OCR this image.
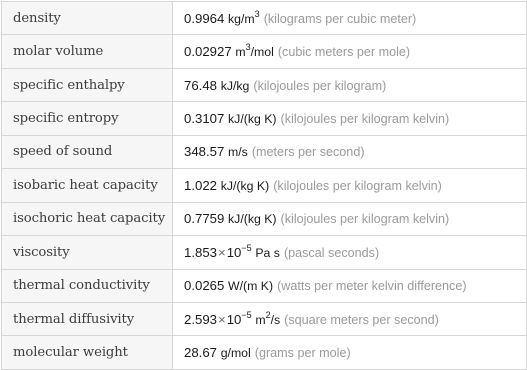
density	0.9964 $kg/m^3$ (kilograms per cubic meter)
molar volume	0.02927 $m^3$/mol (cubic meters per mole)
specific enthalpy	76.48 kJ/kg (kilojoules per kilogram)
specific entropy	0.3107 kJ/(kg K) (kilojoules per kilogram kelvin)
speed of sound	348.57 m/s (meters per second)
isobaric heat capacity	1.022 kJ/(kg K) (kilojoules per kilogram kelvin)
isochoric heat capacity	0.7759 kJ/(kg K) (kilojoules per kilogram kelvin)
viscosity	$1.853\times 10^{-5}$ Pa s (pascal seconds)
thermal conductivity	0.0265 W/(m K) (watts per meter kelvin difference)
thermal diffusivity	$2.593\times 10^{-5}$ $m^2/s$ (square meters per second)
molecular weight	28.67 g/mol (grams per mole)
